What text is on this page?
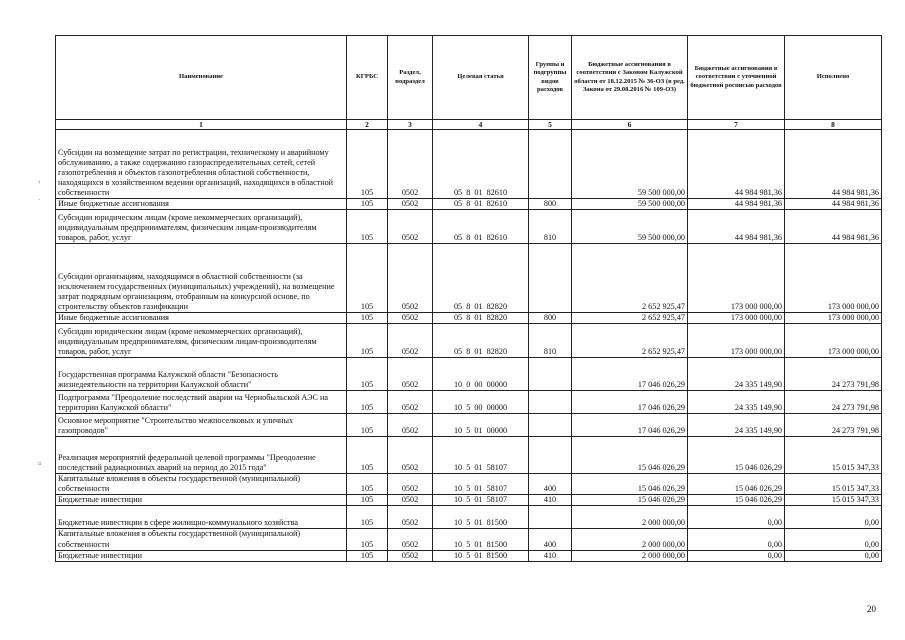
‹
·
¤
Наименование	КГРБС	Раздел, подраздел	Целевая статья	Группы и подгруппы видов расходов	Бюджетные ассигнования в соответствии с Законом Калужской области от 18.12.2015 № 36-ОЗ (в ред. Закона от 29.08.2016 № 109-ОЗ)	Бюджетные ассигнования в соответствии с уточненной бюджетной росписью расходов	Исполнено
1	2	3	4	5	6	7	8
Субсидии на возмещение затрат по регистрации, техническому и аварийному обслуживанию, а также содержанию газораспределительных сетей, сетей газопотребления и объектов газопотребления областной собственности, находящихся в хозяйственном ведении организаций, находящихся в областной собственности	105	0502	05 8 01 82610		59 500 000,00	44 984 981,36	44 984 981,36
Иные бюджетные ассигнования	105	0502	05 8 01 82610	800	59 500 000,00	44 984 981,36	44 984 981,36
Субсидии юридическим лицам (кроме некоммерческих организаций), индивидуальным предпринимателям, физическим лицам-производителям товаров, работ, услуг	105	0502	05 8 01 82610	810	59 500 000,00	44 984 981,36	44 984 981,36
Субсидии организациям, находящимся в областной собственности (за исключением государственных (муниципальных) учреждений), на возмещение затрат подрядным организациям, отобранным на конкурсной основе, по строительству объектов газификации	105	0502	05 8 01 82820		2 652 925,47	173 000 000,00	173 000 000,00
Иные бюджетные ассигнования	105	0502	05 8 01 82820	800	2 652 925,47	173 000 000,00	173 000 000,00
Субсидии юридическим лицам (кроме некоммерческих организаций), индивидуальным предпринимателям, физическим лицам-производителям товаров, работ, услуг	105	0502	05 8 01 82820	810	2 652 925,47	173 000 000,00	173 000 000,00
Государственная программа Калужской области "Безопасность жизнедеятельности на территории Калужской области"	105	0502	10 0 00 00000		17 046 026,29	24 335 149,90	24 273 791,98
Подпрограмма "Преодоление последствий аварии на Чернобыльской АЭС на территории Калужской области"	105	0502	10 5 00 00000		17 046 026,29	24 335 149,90	24 273 791,98
Основное мероприятие "Строительство межпоселковых и уличных газопроводов"	105	0502	10 5 01 00000		17 046 026,29	24 335 149,90	24 273 791,98
Реализация мероприятий федеральной целевой программы "Преодоление последствий радиационных аварий на период до 2015 года"	105	0502	10 5 01 58107		15 046 026,29	15 046 026,29	15 015 347,33
Капитальные вложения в объекты государственной (муниципальной) собственности	105	0502	10 5 01 58107	400	15 046 026,29	15 046 026,29	15 015 347,33
Бюджетные инвестиции	105	0502	10 5 01 58107	410	15 046 026,29	15 046 026,29	15 015 347,33
Бюджетные инвестиции в сфере жилищно-коммунального хозяйства	105	0502	10 5 01 81500		2 000 000,00	0,00	0,00
Капитальные вложения в объекты государственной (муниципальной) собственности	105	0502	10 5 01 81500	400	2 000 000,00	0,00	0,00
Бюджетные инвестиции	105	0502	10 5 01 81500	410	2 000 000,00	0,00	0,00
20
